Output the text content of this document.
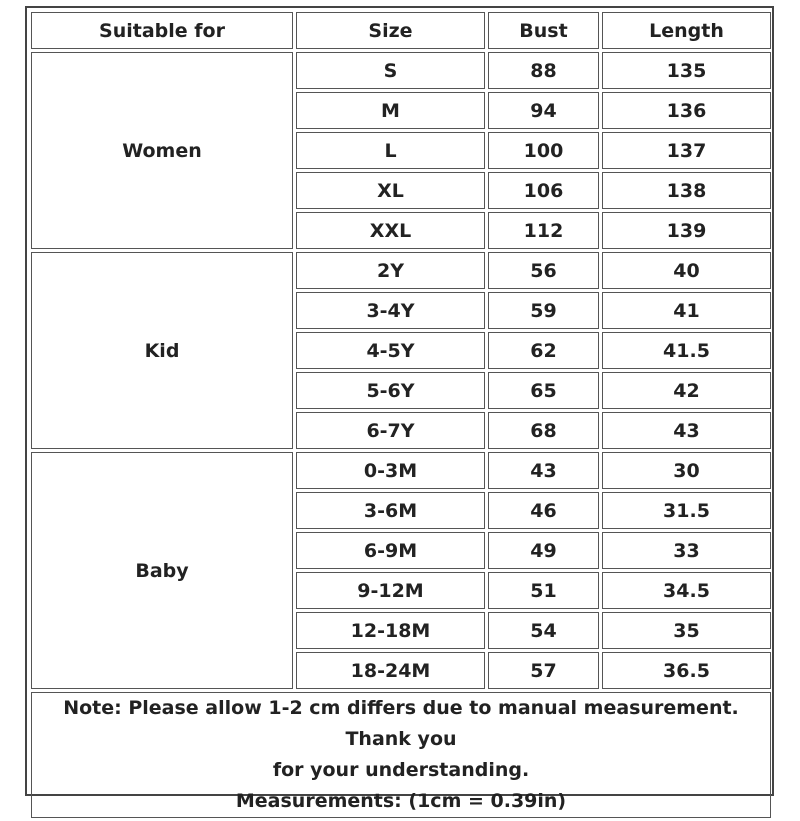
Suitable for	Size	Bust	Length
Women	S	88	135
	M	94	136
	L	100	137
	XL	106	138
	XXL	112	139
Kid	2Y	56	40
	3-4Y	59	41
	4-5Y	62	41.5
	5-6Y	65	42
	6-7Y	68	43
Baby	0-3M	43	30
	3-6M	46	31.5
	6-9M	49	33
	9-12M	51	34.5
	12-18M	54	35
	18-24M	57	36.5

Note: Please allow 1-2 cm differs due to manual measurement. Thank you
for your understanding.
Measurements: (1cm = 0.39in)			
